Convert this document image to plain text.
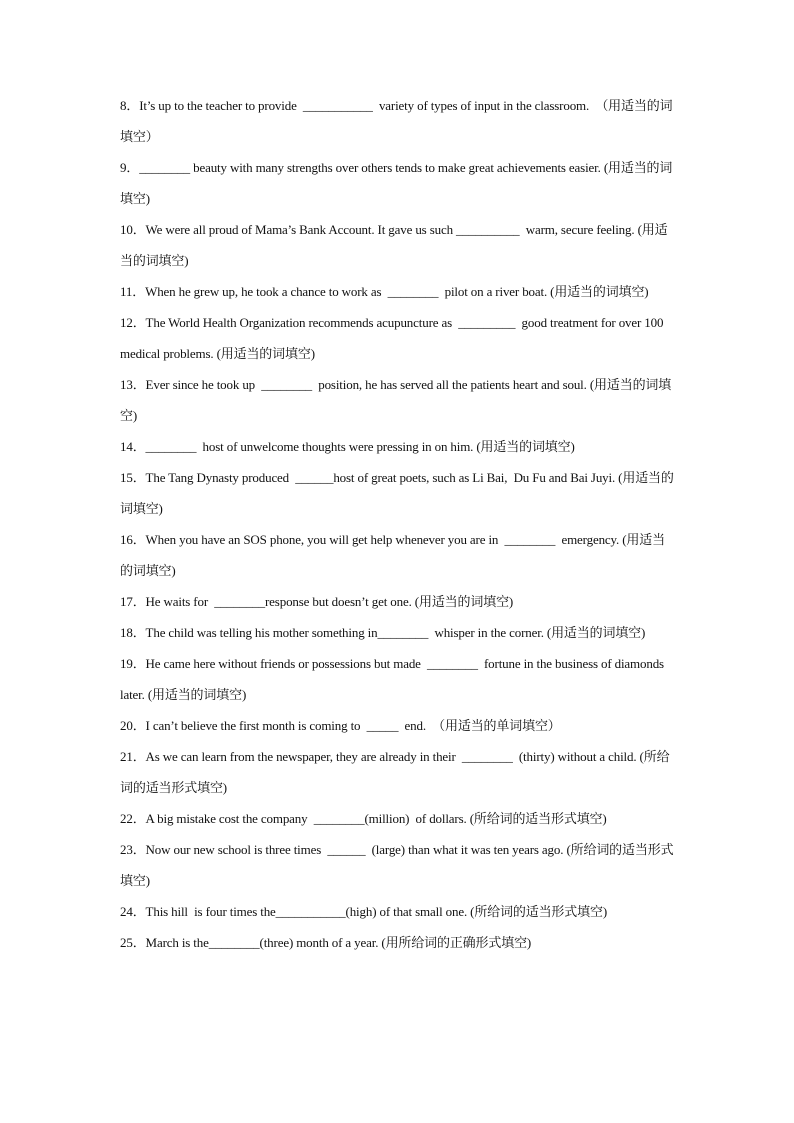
8．It’s up to the teacher to provide  ___________  variety of types of input in the classroom.  （用适当的词填空）
9．________ beauty with many strengths over others tends to make great achievements easier. (用适当的词填空)
10．We were all proud of Mama’s Bank Account. It gave us such __________  warm, secure feeling. (用适当的词填空)
11．When he grew up, he took a chance to work as  ________  pilot on a river boat. (用适当的词填空)
12．The World Health Organization recommends acupuncture as  _________  good treatment for over 100 medical problems. (用适当的词填空)
13．Ever since he took up  ________  position, he has served all the patients heart and soul. (用适当的词填空)
14．________  host of unwelcome thoughts were pressing in on him. (用适当的词填空)
15．The Tang Dynasty produced  ______host of great poets, such as Li Bai,  Du Fu and Bai Juyi. (用适当的词填空)
16．When you have an SOS phone, you will get help whenever you are in  ________  emergency. (用适当的词填空)
17．He waits for  ________response but doesn’t get one. (用适当的词填空)
18．The child was telling his mother something in________  whisper in the corner. (用适当的词填空)
19．He came here without friends or possessions but made  ________  fortune in the business of diamonds later. (用适当的词填空)
20．I can’t believe the first month is coming to  _____  end.  （用适当的单词填空）
21．As we can learn from the newspaper, they are already in their  ________  (thirty) without a child. (所给词的适当形式填空)
22．A big mistake cost the company  ________(million)  of dollars. (所给词的适当形式填空)
23．Now our new school is three times  ______  (large) than what it was ten years ago. (所给词的适当形式填空)
24．This hill  is four times the___________(high) of that small one. (所给词的适当形式填空)
25．March is the________(three) month of a year. (用所给词的正确形式填空)
